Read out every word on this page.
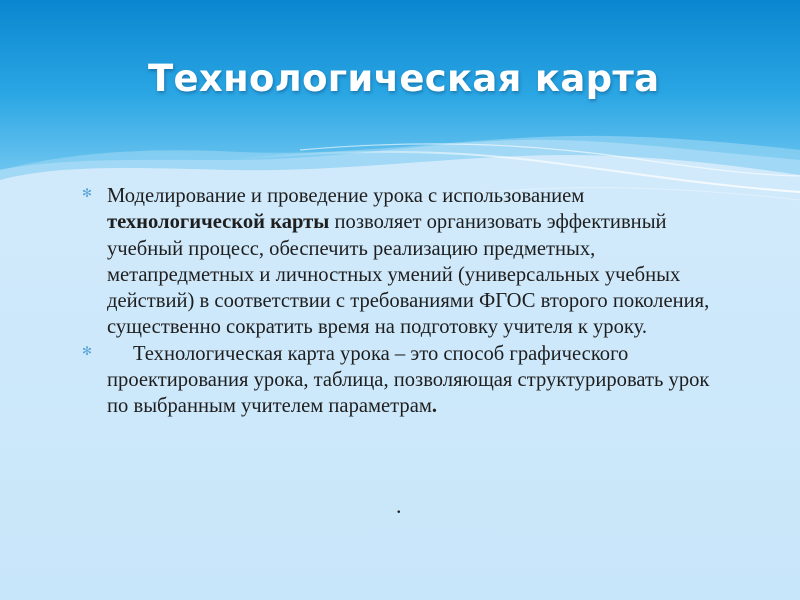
Технологическая карта

✻ Моделирование и проведение урока с использованием технологической карты позволяет организовать эффективный учебный процесс, обеспечить реализацию предметных, метапредметных и личностных умений (универсальных учебных действий) в соответствии с требованиями ФГОС второго поколения, существенно сократить время на подготовку учителя к уроку.

✻ Технологическая карта урока – это способ графического проектирования урока, таблица, позволяющая структурировать урок по выбранным учителем параметрам.

.
